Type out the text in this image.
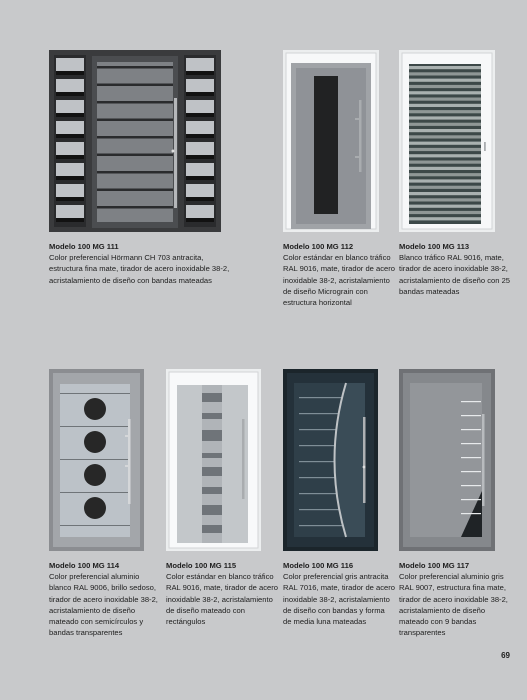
Modelo 100 MG 111
Color preferencial Hörmann CH 703 antracita, estructura fina mate, tirador de acero inoxidable 38-2, acristalamiento de diseño con bandas mateadas
Modelo 100 MG 112
Color estándar en blanco tráfico RAL 9016, mate, tirador de acero inoxidable 38-2, acristalamiento de diseño Micrograin con estructura horizontal
Modelo 100 MG 113
Blanco tráfico RAL 9016, mate, tirador de acero inoxidable 38-2, acristalamiento de diseño con 25 bandas mateadas
Modelo 100 MG 114
Color preferencial aluminio blanco RAL 9006, brillo sedoso, tirador de acero inoxidable 38-2, acristalamiento de diseño mateado con semicírculos y bandas transparentes
Modelo 100 MG 115
Color estándar en blanco tráfico RAL 9016, mate, tirador de acero inoxidable 38-2, acristalamiento de diseño mateado con rectángulos
Modelo 100 MG 116
Color preferencial gris antracita RAL 7016, mate, tirador de acero inoxidable 38-2, acristalamiento de diseño con bandas y forma de media luna mateadas
Modelo 100 MG 117
Color preferencial aluminio gris RAL 9007, estructura fina mate, tirador de acero inoxidable 38-2, acristalamiento de diseño mateado con 9 bandas transparentes
69
